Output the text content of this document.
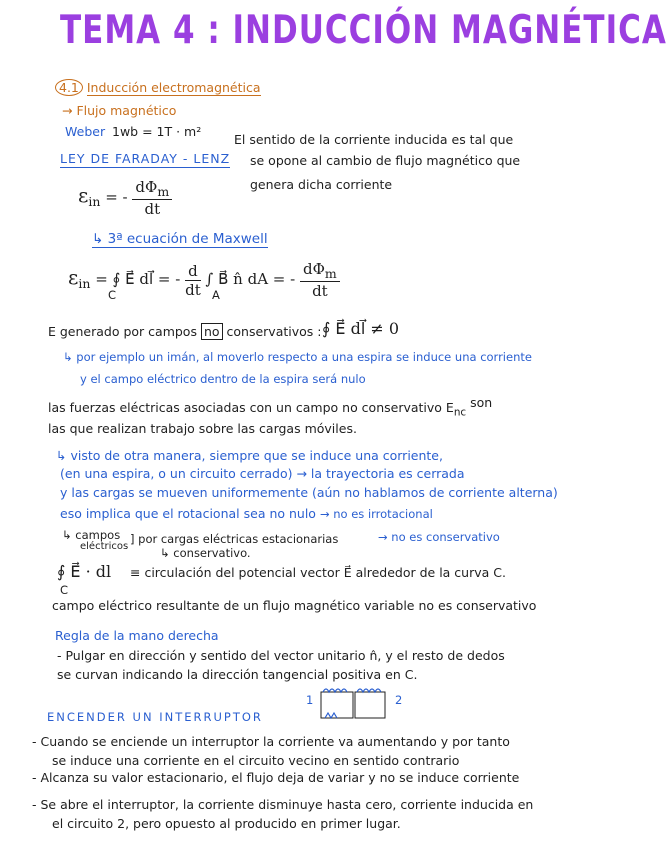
TEMA 4 : INDUCCIÓN MAGNÉTICA
4.1 Inducción electromagnética
→ Flujo magnético
Weber 1wb = 1T · m²
LEY DE FARADAY - LENZ
El sentido de la corriente inducida es tal que
se opone al cambio de flujo magnético que
genera dicha corriente
$\varepsilon_{in}$ = - $\frac{d\Phi_m}{dt}$
↳ 3ª ecuación de Maxwell
$\varepsilon_{in}$ = ∮ E⃗ dl⃗ = - $\frac{d}{dt}$ ∫ B⃗ n̂ dA = - $\frac{d\Phi_m}{dt}$
C	A
E generado por campos no conservativos : ∮ E⃗ dl⃗ ≠ 0
↳ por ejemplo un imán, al moverlo respecto a una espira se induce una corriente
y el campo eléctrico dentro de la espira será nulo
las fuerzas eléctricas asociadas con un campo no conservativo $E_{nc}$ son
las que realizan trabajo sobre las cargas móviles.
↳ visto de otra manera, siempre que se induce una corriente,
(en una espira, o un circuito cerrado) → la trayectoria es cerrada
y las cargas se mueven uniformemente (aún no hablamos de corriente alterna)
eso implica que el rotacional sea no nulo → no es irrotacional
↳ campos
eléctricos
] por cargas eléctricas estacionarias
↳ conservativo.
→ no es conservativo
∮ E⃗ · dl
C
≡ circulación del potencial vector E⃗ alrededor de la curva C.
campo eléctrico resultante de un flujo magnético variable no es conservativo
Regla de la mano derecha
- Pulgar en dirección y sentido del vector unitario n̂, y el resto de dedos
se curvan indicando la dirección tangencial positiva en C.
ENCENDER UN INTERRUPTOR
1	2
- Cuando se enciende un interruptor la corriente va aumentando y por tanto
se induce una corriente en el circuito vecino en sentido contrario
- Alcanza su valor estacionario, el flujo deja de variar y no se induce corriente
- Se abre el interruptor, la corriente disminuye hasta cero, corriente inducida en
el circuito 2, pero opuesto al producido en primer lugar.
